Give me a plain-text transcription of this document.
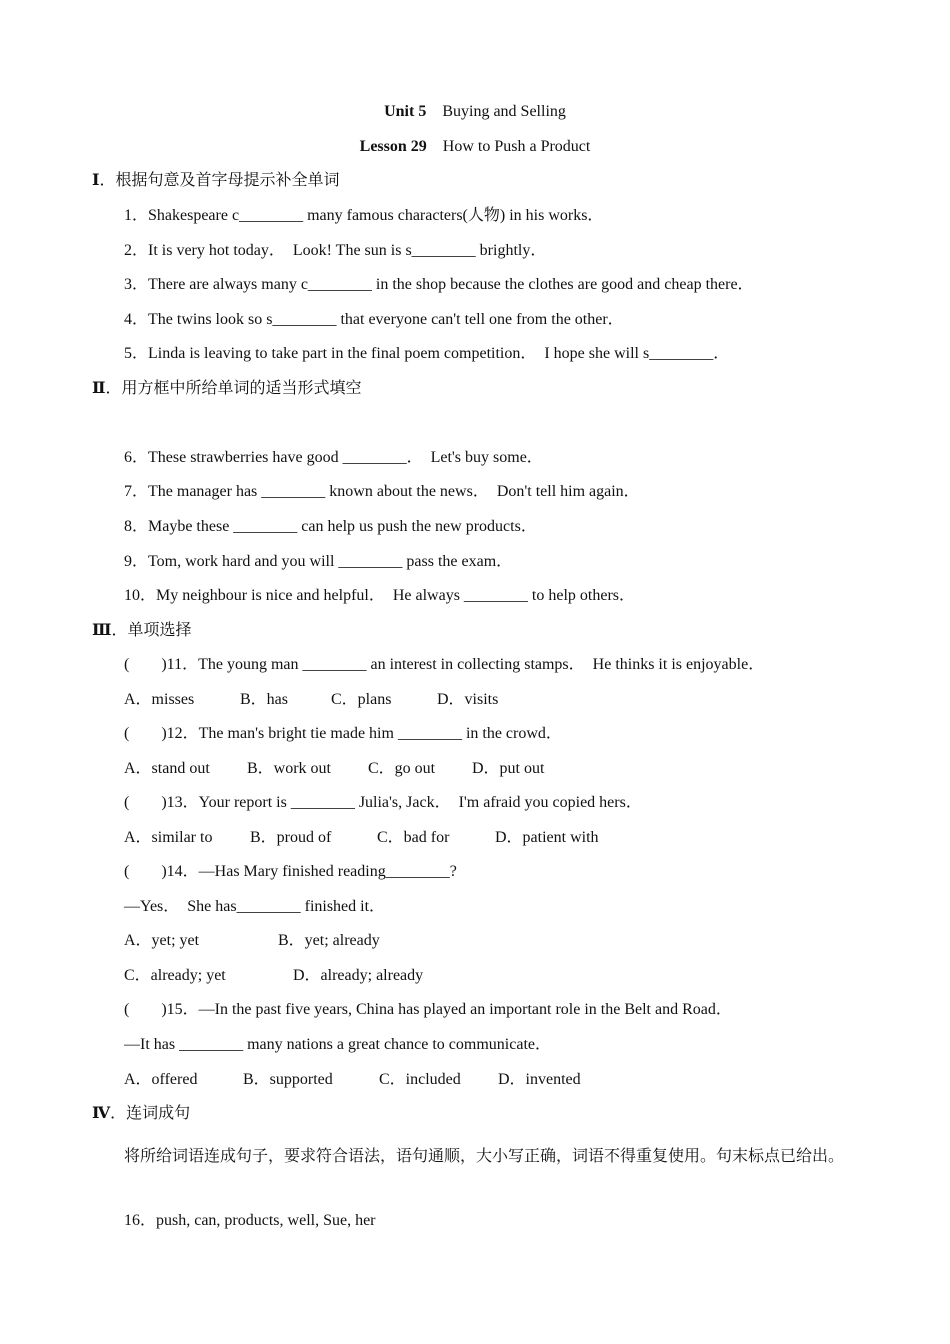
Unit 5 Buying and Selling
Lesson 29 How to Push a Product
Ⅰ．根据句意及首字母提示补全单词
1．Shakespeare c________ many famous characters(人物) in his works．
2．It is very hot today．  Look! The sun is s________ brightly．
3．There are always many c________ in the shop because the clothes are good and cheap there．
4．The twins look so s________ that everyone can't tell one from the other．
5．Linda is leaving to take part in the final poem competition．  I hope she will s________．
Ⅱ．用方框中所给单词的适当形式填空
6．These strawberries have good ________．  Let's buy some．
7．The manager has ________ known about the news．  Don't tell him again．
8．Maybe these ________ can help us push the new products．
9．Tom, work hard and you will ________ pass the exam．
10．My neighbour is nice and helpful．  He always ________ to help others．
Ⅲ．单项选择
(　　)11．The young man ________ an interest in collecting stamps．  He thinks it is enjoyable．
A．misses	B．has	C．plans	D．visits
(　　)12．The man's bright tie made him ________ in the crowd．
A．stand out B．work out C．go out D．put out
(　　)13．Your report is ________ Julia's, Jack．  I'm afraid you copied hers．
A．similar to B．proud of	C．bad for	D．patient with
(　　)14．—Has Mary finished reading________?
—Yes．  She has________ finished it．
A．yet; yet	B．yet; already
C．already; yet	D．already; already
(　　)15．—In the past five years, China has played an important role in the Belt and Road．
—It has ________ many nations a great chance to communicate．
A．offered	B．supported	C．included D．invented
Ⅳ．连词成句
将所给词语连成句子，要求符合语法，语句通顺，大小写正确，词语不得重复使用。句末标点已给出。
16．push, can, products, well, Sue, her
